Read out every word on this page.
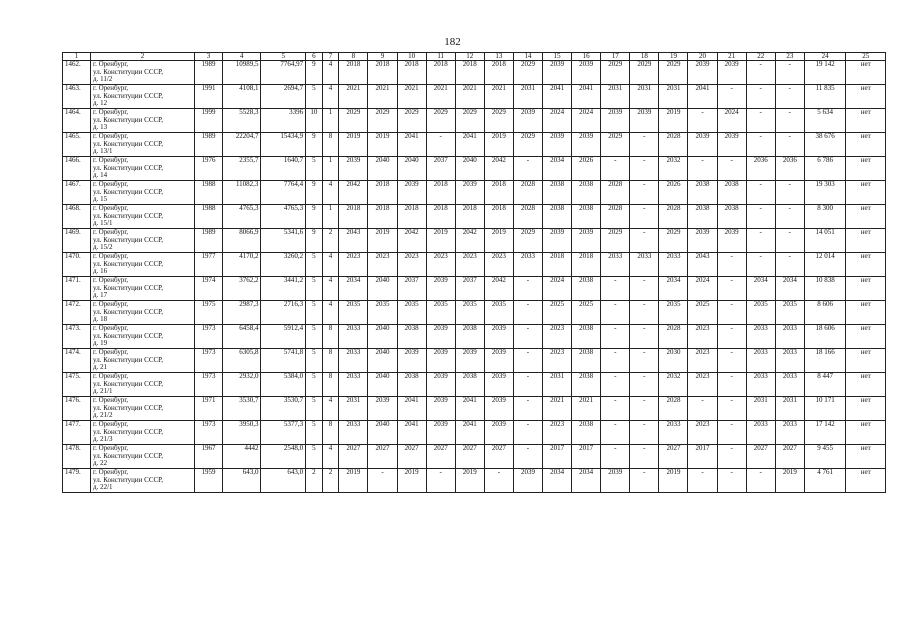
182
1	2	3	4	5	6	7	8	9	10	11	12	13	14	15	16	17	18	19	20	21	22	23	24	25
1462.	г. Оренбург,
ул. Конституции СССР,
д. 11/2	1989	10989,5	7764,97	9	4	2018	2018	2018	2018	2018	2018	2029	2039	2039	2029	2029	2029	2039	2039	-	-	19 142	нет
1463.	г. Оренбург,
ул. Конституции СССР,
д. 12	1991	4108,1	2694,7	5	4	2021	2021	2021	2021	2021	2021	2031	2041	2041	2031	2031	2031	2041	-	-	-	11 835	нет
1464.	г. Оренбург,
ул. Конституции СССР,
д. 13	1999	5528,3	3396	10	1	2029	2029	2029	2029	2029	2029	2039	2024	2024	2039	2039	2019	-	2024	-	-	5 634	нет
1465.	г. Оренбург,
ул. Конституции СССР,
д. 13/1	1989	22204,7	15434,9	9	8	2019	2019	2041	-	2041	2019	2029	2039	2039	2029	-	2028	2039	2039	-	-	38 676	нет
1466.	г. Оренбург,
ул. Конституции СССР,
д. 14	1976	2355,7	1640,7	5	1	2039	2040	2040	2037	2040	2042	-	2034	2026	-	-	2032	-	-	2036	2036	6 786	нет
1467.	г. Оренбург,
ул. Конституции СССР,
д. 15	1988	11082,3	7764,4	9	4	2042	2018	2039	2018	2039	2018	2028	2038	2038	2028	-	2026	2038	2038	-	-	19 303	нет
1468.	г. Оренбург,
ул. Конституции СССР,
д. 15/1	1988	4765,3	4765,3	9	1	2018	2018	2018	2018	2018	2018	2028	2038	2038	2028	-	2028	2038	2038	-	-	8 300	нет
1469.	г. Оренбург,
ул. Конституции СССР,
д. 15/2	1989	8066,9	5341,6	9	2	2043	2019	2042	2019	2042	2019	2029	2039	2039	2029	-	2029	2039	2039	-	-	14 051	нет
1470.	г. Оренбург,
ул. Конституции СССР,
д. 16	1977	4170,2	3260,2	5	4	2023	2023	2023	2023	2023	2023	2033	2018	2018	2033	2033	2033	2043	-	-	-	12 014	нет
1471.	г. Оренбург,
ул. Конституции СССР,
д. 17	1974	3762,2	3441,2	5	4	2034	2040	2037	2039	2037	2042	-	2024	2038	-	-	2034	2024	-	2034	2034	10 838	нет
1472.	г. Оренбург,
ул. Конституции СССР,
д. 18	1975	2987,3	2716,3	5	4	2035	2035	2035	2035	2035	2035	-	2025	2025	-	-	2035	2025	-	2035	2035	8 606	нет
1473.	г. Оренбург,
ул. Конституции СССР,
д. 19	1973	6458,4	5912,4	5	8	2033	2040	2038	2039	2038	2039	-	2023	2038	-	-	2028	2023	-	2033	2033	18 606	нет
1474.	г. Оренбург,
ул. Конституции СССР,
д. 21	1973	6305,8	5741,8	5	8	2033	2040	2039	2039	2039	2039	-	2023	2038	-	-	2030	2023	-	2033	2033	18 166	нет
1475.	г. Оренбург,
ул. Конституции СССР,
д. 21/1	1973	2932,0	5384,0	5	8	2033	2040	2038	2039	2038	2039	-	2031	2038	-	-	2032	2023	-	2033	2033	8 447	нет
1476.	г. Оренбург,
ул. Конституции СССР,
д. 21/2	1971	3530,7	3530,7	5	4	2031	2039	2041	2039	2041	2039	-	2021	2021	-	-	2028	-	-	2031	2031	10 171	нет
1477.	г. Оренбург,
ул. Конституции СССР,
д. 21/3	1973	3950,3	5377,3	5	8	2033	2040	2041	2039	2041	2039	-	2023	2038	-	-	2033	2023	-	2033	2033	17 142	нет
1478.	г. Оренбург,
ул. Конституции СССР,
д. 22	1967	4442	2548,0	5	4	2027	2027	2027	2027	2027	2027	-	2017	2017	-	-	2027	2017	-	2027	2027	9 455	нет
1479.	г. Оренбург,
ул. Конституции СССР,
д. 22/1	1959	643,0	643,0	2	2	2019	-	2019	-	2019	-	2039	2034	2034	2039	-	2019	-	-	-	2019	4 761	нет
